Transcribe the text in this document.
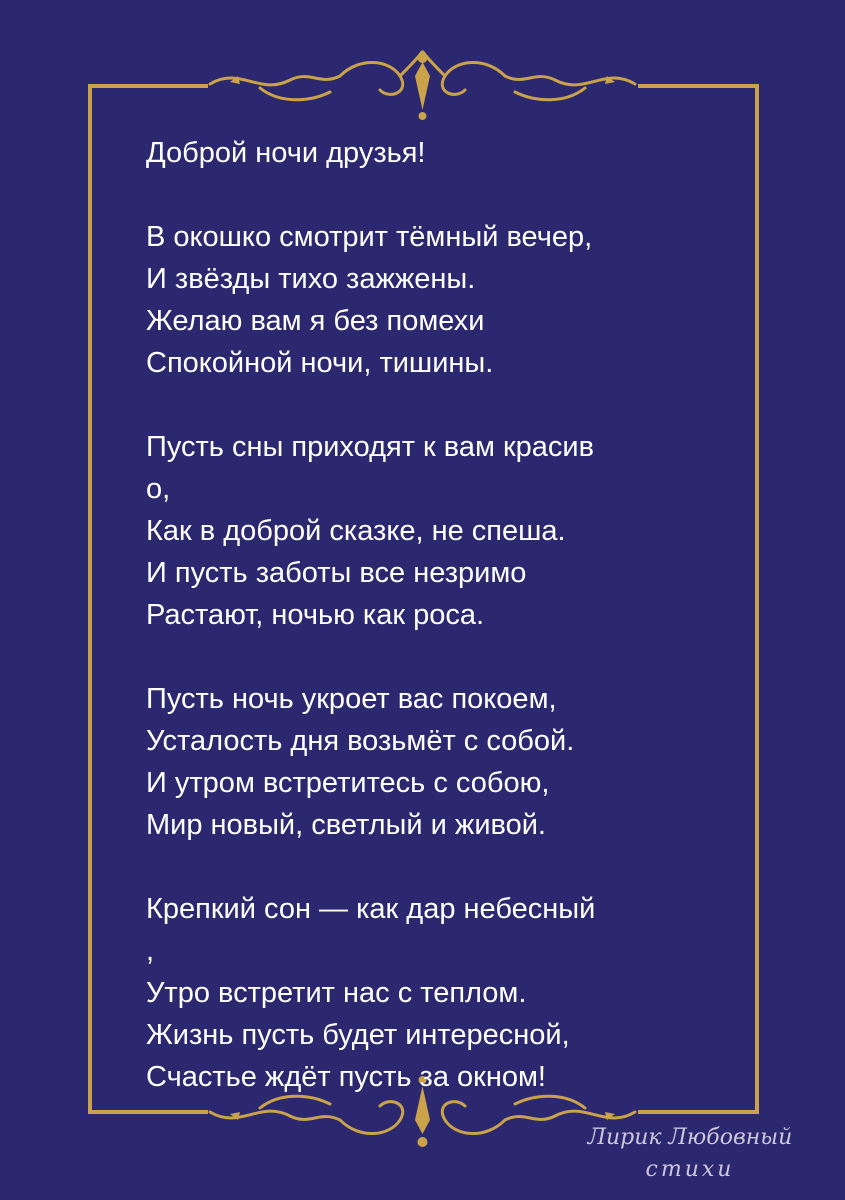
Доброй ночи друзья!
В окошко смотрит тёмный вечер,
И звёзды тихо зажжены.
Желаю вам я без помехи
Спокойной ночи, тишины.
Пусть сны приходят к вам красив
о,
Как в доброй сказке, не спеша.
И пусть заботы все незримо
Растают, ночью как роса.
Пусть ночь укроет вас покоем,
Усталость дня возьмёт с собой.
И утром встретитесь с собою,
Мир новый, светлый и живой.
Крепкий сон — как дар небесный
,
Утро встретит нас с теплом.
Жизнь пусть будет интересной,
Счастье ждёт пусть за окном!
Лирик Любовный
стихи
